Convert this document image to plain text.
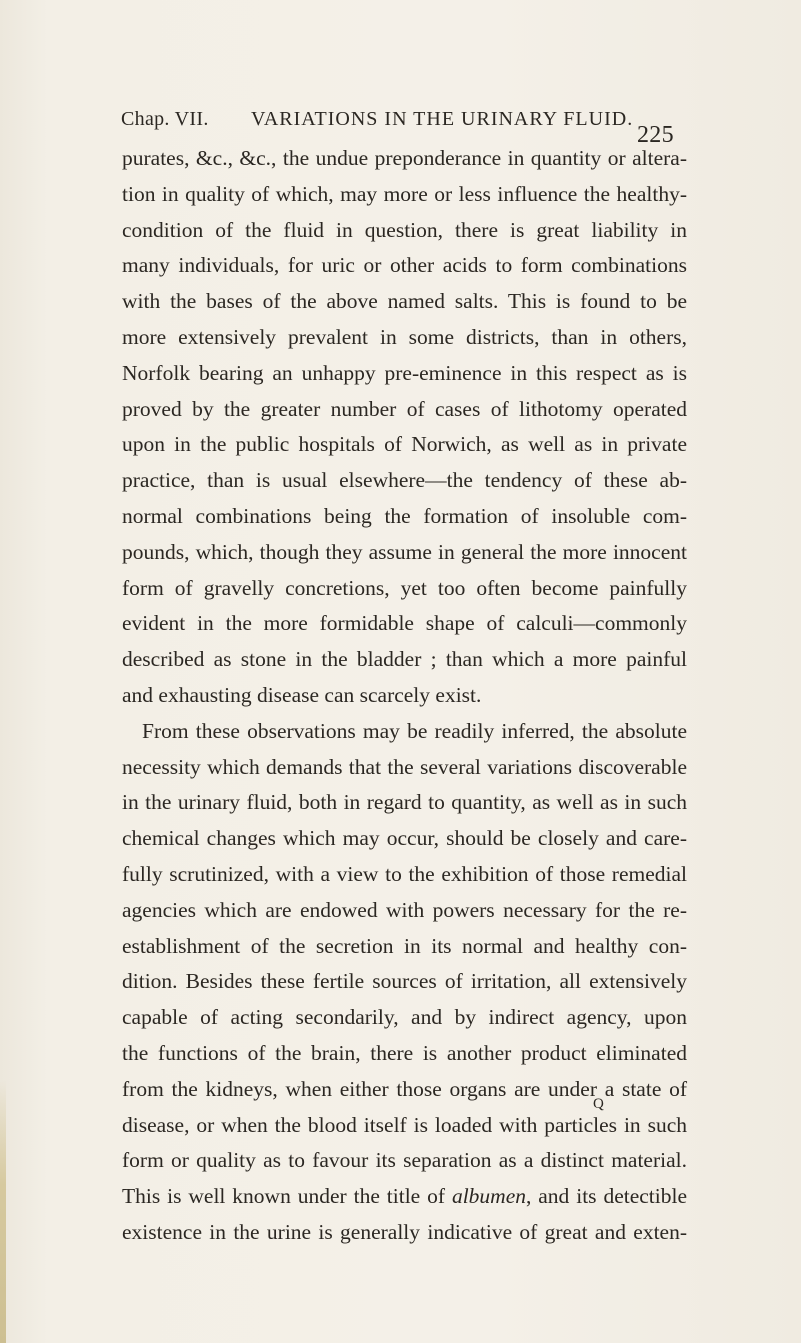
Chap. VII. VARIATIONS IN THE URINARY FLUID.
225
purates, &c., &c., the undue preponderance in quantity or altera-
tion in quality of which, may more or less influence the healthy-
condition of the fluid in question, there is great liability in
many individuals, for uric or other acids to form combinations
with the bases of the above named salts. This is found to be
more extensively prevalent in some districts, than in others,
Norfolk bearing an unhappy pre-eminence in this respect as is
proved by the greater number of cases of lithotomy operated
upon in the public hospitals of Norwich, as well as in private
practice, than is usual elsewhere—the tendency of these ab-
normal combinations being the formation of insoluble com-
pounds, which, though they assume in general the more innocent
form of gravelly concretions, yet too often become painfully
evident in the more formidable shape of calculi—commonly
described as stone in the bladder ; than which a more painful
and exhausting disease can scarcely exist.
From these observations may be readily inferred, the absolute
necessity which demands that the several variations discoverable
in the urinary fluid, both in regard to quantity, as well as in such
chemical changes which may occur, should be closely and care-
fully scrutinized, with a view to the exhibition of those remedial
agencies which are endowed with powers necessary for the re-
establishment of the secretion in its normal and healthy con-
dition. Besides these fertile sources of irritation, all extensively
capable of acting secondarily, and by indirect agency, upon
the functions of the brain, there is another product eliminated
from the kidneys, when either those organs are under a state of
disease, or when the blood itself is loaded with particles in such
form or quality as to favour its separation as a distinct material.
This is well known under the title of albumen, and its detectible
existence in the urine is generally indicative of great and exten-
Q
